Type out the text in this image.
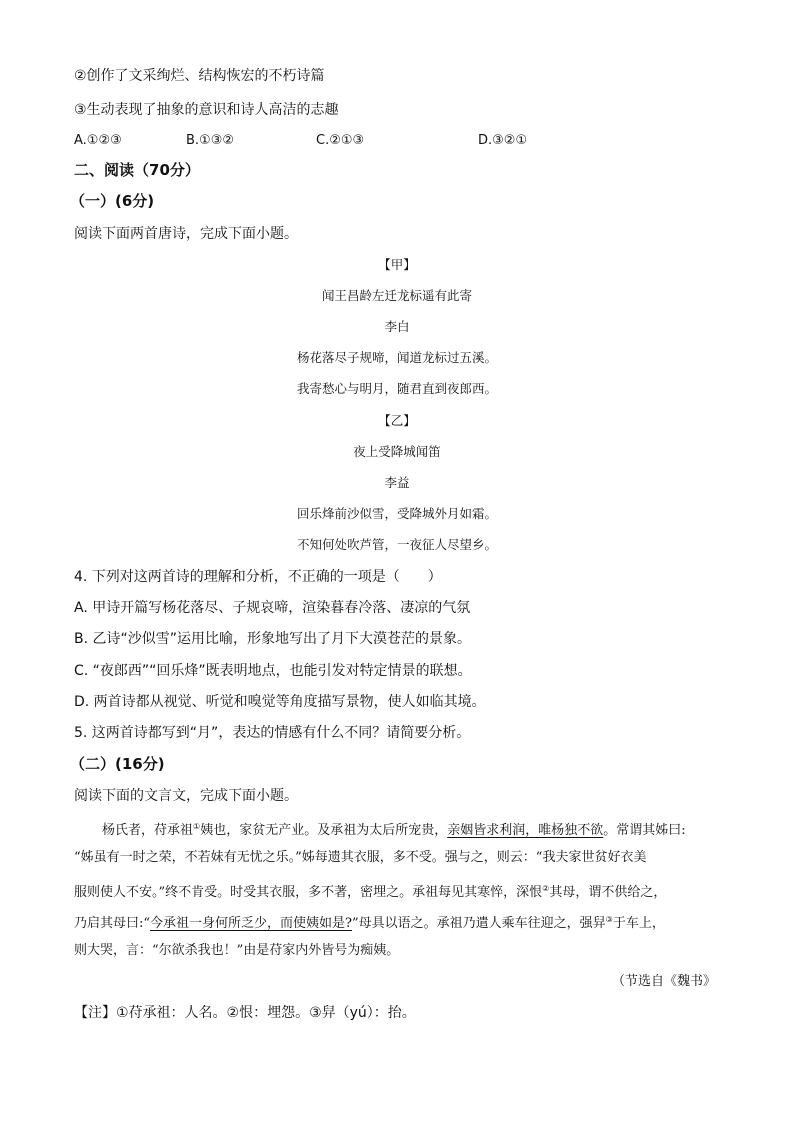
②创作了文采绚烂、结构恢宏的不朽诗篇
③生动表现了抽象的意识和诗人高洁的志趣
A.①②③	B.①③②	C.②①③	D.③②①
二、阅读（70分）
（一）(6分)
阅读下面两首唐诗，完成下面小题。
【甲】
闻王昌龄左迁龙标遥有此寄
李白
杨花落尽子规啼，闻道龙标过五溪。
我寄愁心与明月，随君直到夜郎西。
【乙】
夜上受降城闻笛
李益
回乐烽前沙似雪，受降城外月如霜。
不知何处吹芦管，一夜征人尽望乡。
4. 下列对这两首诗的理解和分析，不正确的一项是（　　）
A. 甲诗开篇写杨花落尽、子规哀啼，渲染暮春冷落、凄凉的气氛
B. 乙诗“沙似雪”运用比喻，形象地写出了月下大漠苍茫的景象。
C. “夜郎西”“回乐烽”既表明地点，也能引发对特定情景的联想。
D. 两首诗都从视觉、听觉和嗅觉等角度描写景物，使人如临其境。
5. 这两首诗都写到“月”，表达的情感有什么不同？请简要分析。
（二）(16分)
阅读下面的文言文，完成下面小题。
杨氏者，苻承祖①姨也，家贫无产业。及承祖为太后所宠贵，亲姻皆求利润，唯杨独不欲。常谓其姊曰:
“姊虽有一时之荣，不若妹有无忧之乐。”姊每遗其衣服，多不受。强与之，则云：“我夫家世贫好衣美
服则使人不安。”终不肯受。时受其衣服，多不著，密埋之。承祖每见其寒悴，深恨②其母，谓不供给之，
乃启其母曰:“今承祖一身何所乏少，而使姨如是?”母具以语之。承祖乃遣人乘车往迎之，强舁③于车上，
则大哭，言：“尔欲杀我也！”由是苻家内外皆号为痴姨。
（节选自《魏书》
【注】①苻承祖：人名。②恨：埋怨。③舁（yú）：抬。
